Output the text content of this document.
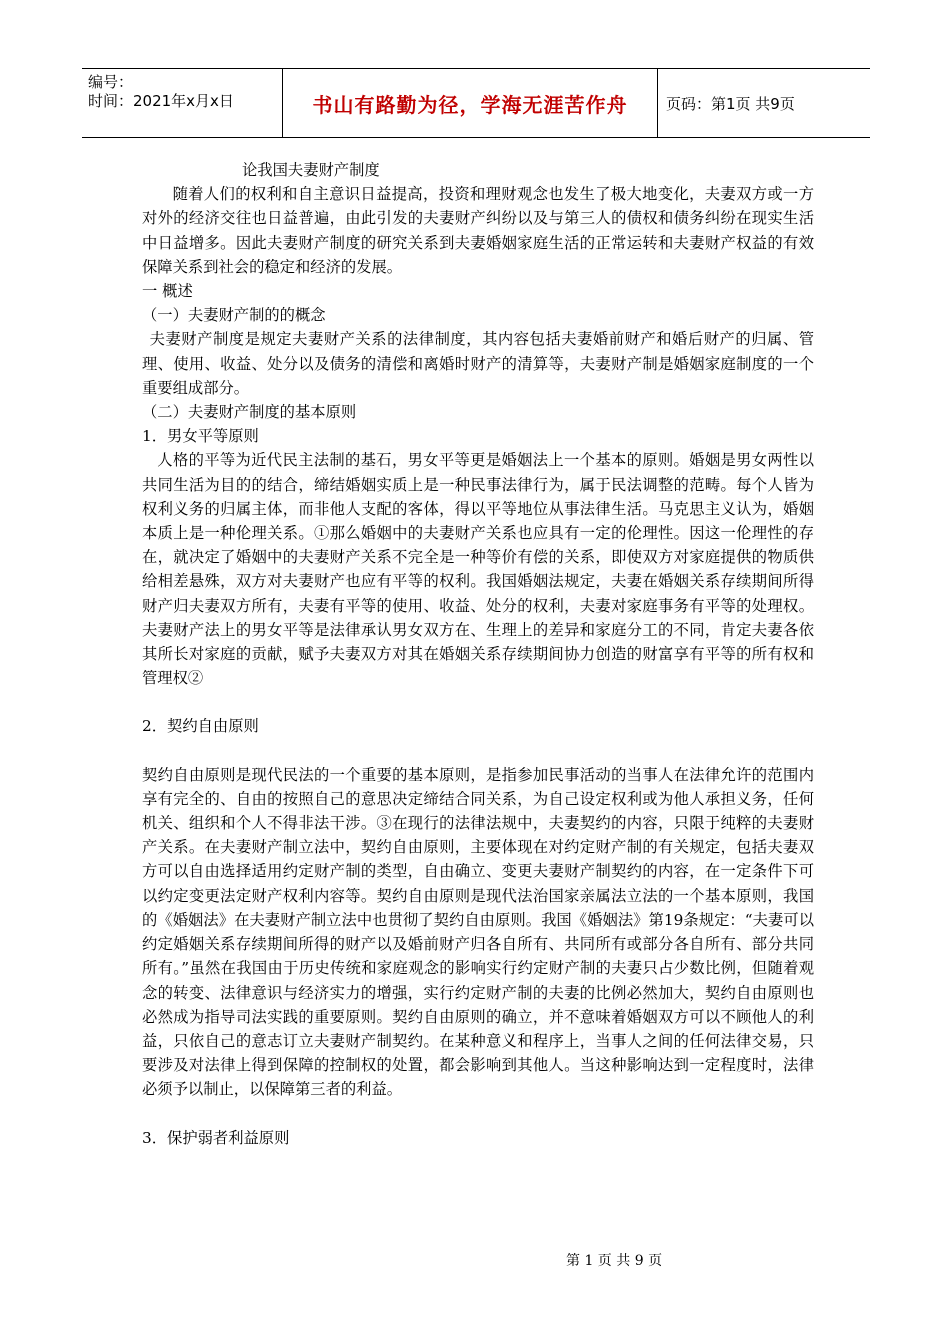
编号：
时间：2021年x月x日	书山有路勤为径，学海无涯苦作舟	页码：第1页 共9页

论我国夫妻财产制度

随着人们的权利和自主意识日益提高，投资和理财观念也发生了极大地变化，夫妻双方或一方对外的经济交往也日益普遍，由此引发的夫妻财产纠纷以及与第三人的债权和债务纠纷在现实生活中日益增多。因此夫妻财产制度的研究关系到夫妻婚姻家庭生活的正常运转和夫妻财产权益的有效保障关系到社会的稳定和经济的发展。

一 概述

（一）夫妻财产制的的概念

夫妻财产制度是规定夫妻财产关系的法律制度，其内容包括夫妻婚前财产和婚后财产的归属、管理、使用、收益、处分以及债务的清偿和离婚时财产的清算等，夫妻财产制是婚姻家庭制度的一个重要组成部分。

（二）夫妻财产制度的基本原则

1．男女平等原则

人格的平等为近代民主法制的基石，男女平等更是婚姻法上一个基本的原则。婚姻是男女两性以共同生活为目的的结合，缔结婚姻实质上是一种民事法律行为，属于民法调整的范畴。每个人皆为权利义务的归属主体，而非他人支配的客体，得以平等地位从事法律生活。马克思主义认为，婚姻本质上是一种伦理关系。①那么婚姻中的夫妻财产关系也应具有一定的伦理性。因这一伦理性的存在，就决定了婚姻中的夫妻财产关系不完全是一种等价有偿的关系，即使双方对家庭提供的物质供给相差悬殊，双方对夫妻财产也应有平等的权利。我国婚姻法规定，夫妻在婚姻关系存续期间所得财产归夫妻双方所有，夫妻有平等的使用、收益、处分的权利，夫妻对家庭事务有平等的处理权。夫妻财产法上的男女平等是法律承认男女双方在、生理上的差异和家庭分工的不同，肯定夫妻各依其所长对家庭的贡献，赋予夫妻双方对其在婚姻关系存续期间协力创造的财富享有平等的所有权和管理权②

2．契约自由原则

契约自由原则是现代民法的一个重要的基本原则，是指参加民事活动的当事人在法律允许的范围内享有完全的、自由的按照自己的意思决定缔结合同关系，为自己设定权利或为他人承担义务，任何机关、组织和个人不得非法干涉。③在现行的法律法规中，夫妻契约的内容，只限于纯粹的夫妻财产关系。在夫妻财产制立法中，契约自由原则，主要体现在对约定财产制的有关规定，包括夫妻双方可以自由选择适用约定财产制的类型，自由确立、变更夫妻财产制契约的内容，在一定条件下可以约定变更法定财产权利内容等。契约自由原则是现代法治国家亲属法立法的一个基本原则，我国的《婚姻法》在夫妻财产制立法中也贯彻了契约自由原则。我国《婚姻法》第19条规定：“夫妻可以约定婚姻关系存续期间所得的财产以及婚前财产归各自所有、共同所有或部分各自所有、部分共同所有。”虽然在我国由于历史传统和家庭观念的影响实行约定财产制的夫妻只占少数比例，但随着观念的转变、法律意识与经济实力的增强，实行约定财产制的夫妻的比例必然加大，契约自由原则也必然成为指导司法实践的重要原则。契约自由原则的确立，并不意味着婚姻双方可以不顾他人的利益，只依自己的意志订立夫妻财产制契约。在某种意义和程序上，当事人之间的任何法律交易，只要涉及对法律上得到保障的控制权的处置，都会影响到其他人。当这种影响达到一定程度时，法律必须予以制止，以保障第三者的利益。

3．保护弱者利益原则

第 1 页 共 9 页
